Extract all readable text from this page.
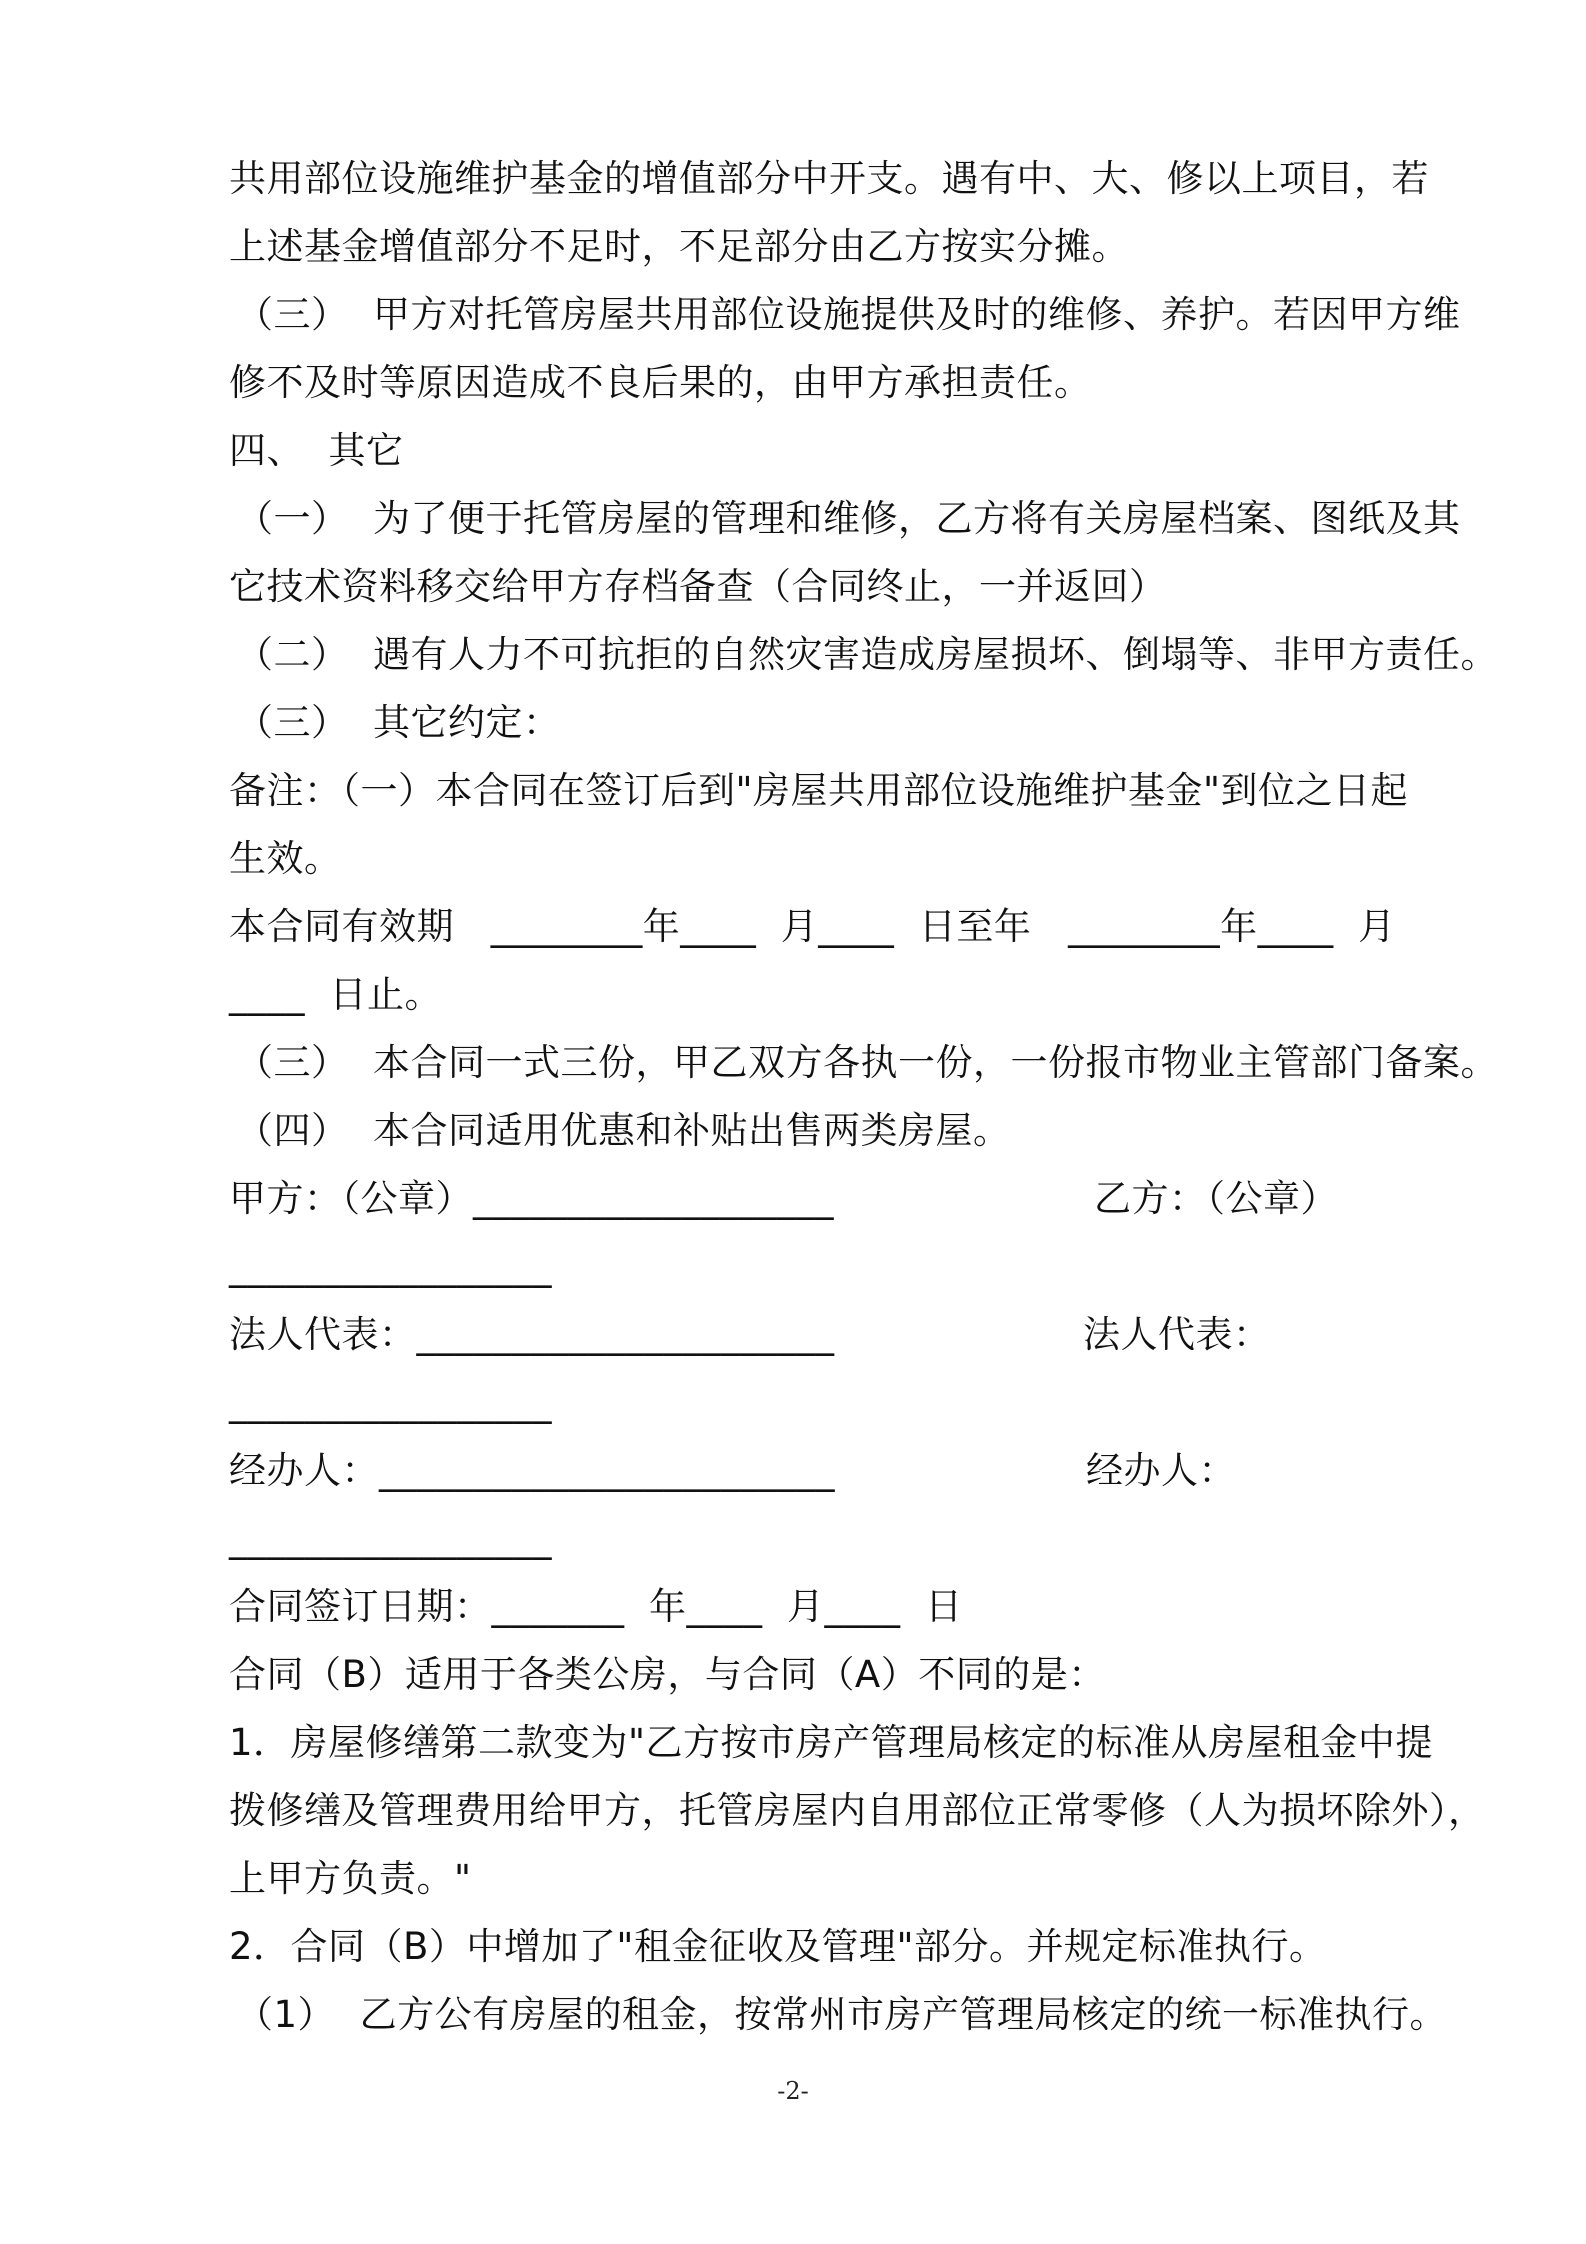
共用部位设施维护基金的增值部分中开支。遇有中、大、修以上项目，若
上述基金增值部分不足时，不足部分由乙方按实分摊。
（三）  甲方对托管房屋共用部位设施提供及时的维修、养护。若因甲方维
修不及时等原因造成不良后果的，由甲方承担责任。
四、  其它
（一）  为了便于托管房屋的管理和维修，乙方将有关房屋档案、图纸及其
它技术资料移交给甲方存档备查（合同终止，一并返回）
（二）  遇有人力不可抗拒的自然灾害造成房屋损坏、倒塌等、非甲方责任。
（三）  其它约定：
备注：（一）本合同在签订后到"房屋共用部位设施维护基金"到位之日起
生效。
本合同有效期   ________年____  月____  日至年   ________年____  月
____  日止。
（三）  本合同一式三份，甲乙双方各执一份，一份报市物业主管部门备案。
（四）  本合同适用优惠和补贴出售两类房屋。
甲方：（公章）___________________	乙方：（公章）
_________________
法人代表：______________________	法人代表：
_________________
经办人：________________________	经办人：
_________________
合同签订日期：_______  年____  月____  日
合同（B）适用于各类公房，与合同（A）不同的是：
1．房屋修缮第二款变为"乙方按市房产管理局核定的标准从房屋租金中提
拨修缮及管理费用给甲方，托管房屋内自用部位正常零修（人为损坏除外），
上甲方负责。"
2．合同（B）中增加了"租金征收及管理"部分。并规定标准执行。
（1）  乙方公有房屋的租金，按常州市房产管理局核定的统一标准执行。
-2-
